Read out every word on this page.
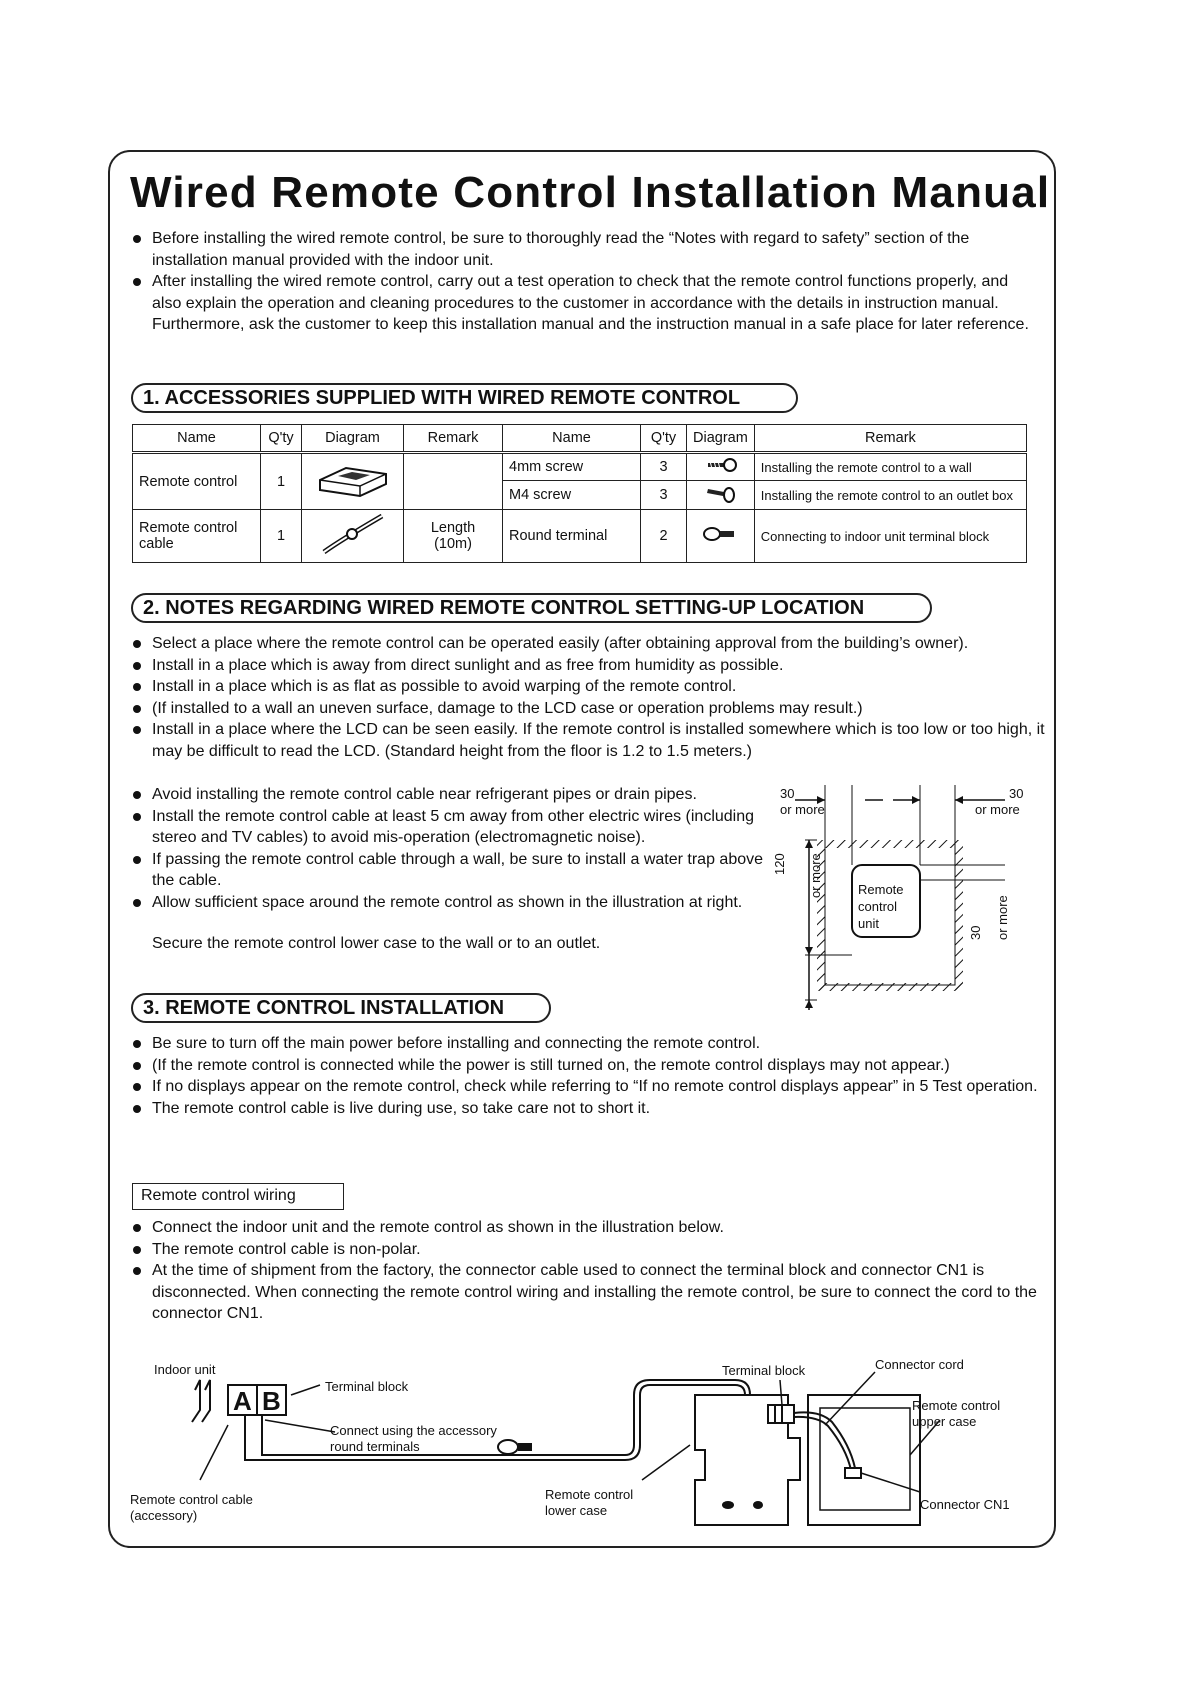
Wired Remote Control Installation Manual
Before installing the wired remote control, be sure to thoroughly read the “Notes with regard to safety” section of the installation manual provided with the indoor unit.
After installing the wired remote control, carry out a test operation to check that the remote control functions properly, and also explain the operation and cleaning procedures to the customer in accordance with the details in instruction manual. Furthermore, ask the customer to keep this installation manual and the instruction manual in a safe place for later reference.
1. ACCESSORIES SUPPLIED WITH WIRED REMOTE CONTROL
Name	Q'ty	Diagram	Remark	Name	Q'ty	Diagram	Remark
Remote control	1			4mm screw	3		Installing the remote control to a wall
				M4 screw	3		Installing the remote control to an outlet box
Remote control cable	1		Length (10m)	Round terminal	2		Connecting to indoor unit terminal block
2. NOTES REGARDING WIRED REMOTE CONTROL SETTING-UP LOCATION
Select a place where the remote control can be operated easily (after obtaining approval from the building’s owner).
Install in a place which is away from direct sunlight and as free from humidity as possible.
Install in a place which is as flat as possible to avoid warping of the remote control.
(If installed to a wall an uneven surface, damage to the LCD case or operation problems may result.)
Install in a place where the LCD can be seen easily. If the remote control is installed somewhere which is too low or too high, it may be difficult to read the LCD. (Standard height from the floor is 1.2 to 1.5 meters.)
Avoid installing the remote control cable near refrigerant pipes or drain pipes.
Install the remote control cable at least 5 cm away from other electric wires (including stereo and TV cables) to avoid mis-operation (electromagnetic noise).
If passing the remote control cable through a wall, be sure to install a water trap above the cable.
Allow sufficient space around the remote control as shown in the illustration at right.
Secure the remote control lower case to the wall or to an outlet.
30
or more
30
or more
120 or more
30 or more
Remote control unit
3. REMOTE CONTROL INSTALLATION
Be sure to turn off the main power before installing and connecting the remote control.
(If the remote control is connected while the power is still turned on, the remote control displays may not appear.)
If no displays appear on the remote control, check while referring to “If no remote control displays appear” in 5 Test operation.
The remote control cable is live during use, so take care not to short it.
Remote control wiring
Connect the indoor unit and the remote control as shown in the illustration below.
The remote control cable is non-polar.
At the time of shipment from the factory, the connector cable used to connect the terminal block and connector CN1 is disconnected. When connecting the remote control wiring and installing the remote control, be sure to connect the cord to the connector CN1.
Indoor unit
A B	Terminal block
Connect using the accessory round terminals
Remote control cable (accessory)
Remote control lower case
Terminal block	Connector cord
Remote control upper case
Connector CN1
